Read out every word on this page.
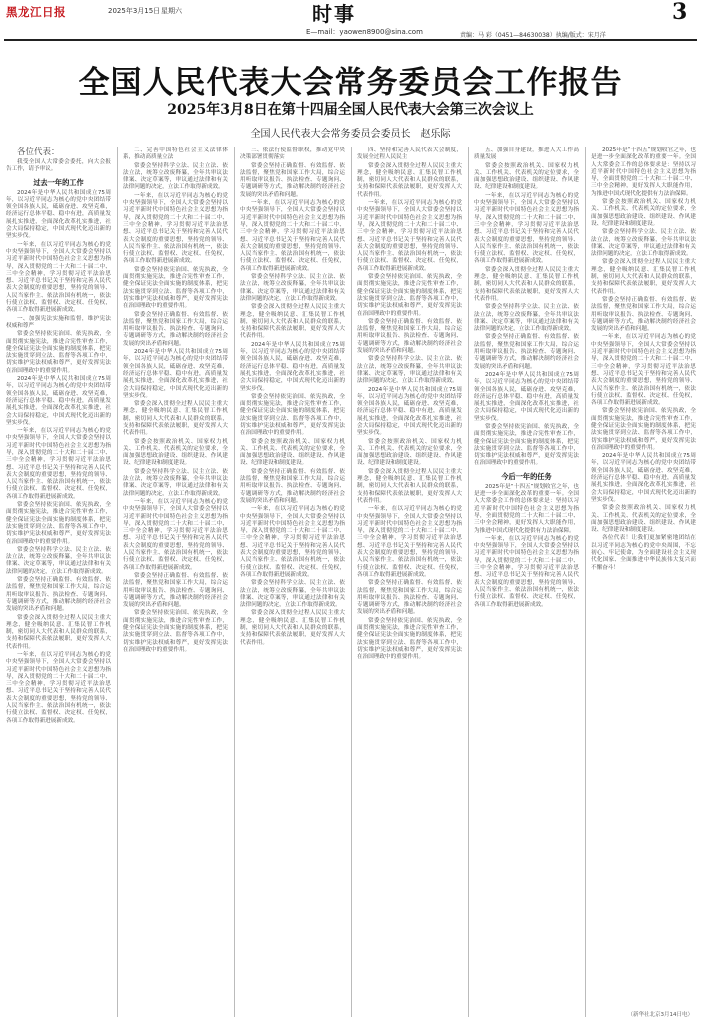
黑龙江日报	2025年3月15日 星期六	时事
E—mail：yaowen8900@sina.com	责编：马 彩（0451—84630038）执编/版式：宋月洋
3
全国人民代表大会常务委员会工作报告
2025年3月8日在第十四届全国人民代表大会第三次会议上
全国人民代表大会常务委员会委员长　赵乐际

各位代表：

我受全国人大常委会委托，向大会报告工作，请予审议。

过去一年的工作

2024年是中华人民共和国成立75周年，以习近平同志为核心的党中央团结带领全国各族人民，砥砺奋进、攻坚克难，经济运行总体平稳、稳中有进，高质量发展扎实推进，全面深化改革扎实推进，社会大局保持稳定，中国式现代化迈出新的坚实步伐。

一年来，在以习近平同志为核心的党中央坚强领导下，全国人大常委会坚持以习近平新时代中国特色社会主义思想为指导，深入贯彻党的二十大和二十届二中、三中全会精神，学习贯彻习近平法治思想、习近平总书记关于坚持和完善人民代表大会制度的重要思想，坚持党的领导、人民当家作主、依法治国有机统一，依法行使立法权、监督权、决定权、任免权，各项工作取得新进展新成效。

一、加强宪法实施和监督，维护宪法权威和尊严

常委会坚持依宪治国、依宪执政，全面贯彻实施宪法，推进合宪性审查工作，健全保证宪法全面实施的制度体系，把宪法实施贯穿到立法、监督等各项工作中，切实维护宪法权威和尊严，更好发挥宪法在治国理政中的重要作用。

2024年是中华人民共和国成立75周年，以习近平同志为核心的党中央团结带领全国各族人民，砥砺奋进、攻坚克难，经济运行总体平稳、稳中有进，高质量发展扎实推进，全面深化改革扎实推进，社会大局保持稳定，中国式现代化迈出新的坚实步伐。

一年来，在以习近平同志为核心的党中央坚强领导下，全国人大常委会坚持以习近平新时代中国特色社会主义思想为指导，深入贯彻党的二十大和二十届二中、三中全会精神，学习贯彻习近平法治思想、习近平总书记关于坚持和完善人民代表大会制度的重要思想，坚持党的领导、人民当家作主、依法治国有机统一，依法行使立法权、监督权、决定权、任免权，各项工作取得新进展新成效。

常委会坚持依宪治国、依宪执政，全面贯彻实施宪法，推进合宪性审查工作，健全保证宪法全面实施的制度体系，把宪法实施贯穿到立法、监督等各项工作中，切实维护宪法权威和尊严，更好发挥宪法在治国理政中的重要作用。

常委会坚持科学立法、民主立法、依法立法，统筹立改废释纂，全年共审议法律案、决定草案等，审议通过法律和有关法律问题的决定，立法工作取得新成效。

常委会坚持正确监督、有效监督、依法监督，聚焦党和国家工作大局，综合运用听取审议报告、执法检查、专题询问、专题调研等方式，推动解决制约经济社会发展的突出矛盾和问题。

常委会深入贯彻全过程人民民主重大理念，健全吸纳民意、汇集民智工作机制，密切同人大代表和人民群众的联系，支持和保障代表依法履职，更好发挥人大代表作用。

一年来，在以习近平同志为核心的党中央坚强领导下，全国人大常委会坚持以习近平新时代中国特色社会主义思想为指导，深入贯彻党的二十大和二十届二中、三中全会精神，学习贯彻习近平法治思想、习近平总书记关于坚持和完善人民代表大会制度的重要思想，坚持党的领导、人民当家作主、依法治国有机统一，依法行使立法权、监督权、决定权、任免权，各项工作取得新进展新成效。

二、完善中国特色社会主义法律体系，推动高质量立法

常委会坚持科学立法、民主立法、依法立法，统筹立改废释纂，全年共审议法律案、决定草案等，审议通过法律和有关法律问题的决定，立法工作取得新成效。

一年来，在以习近平同志为核心的党中央坚强领导下，全国人大常委会坚持以习近平新时代中国特色社会主义思想为指导，深入贯彻党的二十大和二十届二中、三中全会精神，学习贯彻习近平法治思想、习近平总书记关于坚持和完善人民代表大会制度的重要思想，坚持党的领导、人民当家作主、依法治国有机统一，依法行使立法权、监督权、决定权、任免权，各项工作取得新进展新成效。

常委会坚持依宪治国、依宪执政，全面贯彻实施宪法，推进合宪性审查工作，健全保证宪法全面实施的制度体系，把宪法实施贯穿到立法、监督等各项工作中，切实维护宪法权威和尊严，更好发挥宪法在治国理政中的重要作用。

常委会坚持正确监督、有效监督、依法监督，聚焦党和国家工作大局，综合运用听取审议报告、执法检查、专题询问、专题调研等方式，推动解决制约经济社会发展的突出矛盾和问题。

2024年是中华人民共和国成立75周年，以习近平同志为核心的党中央团结带领全国各族人民，砥砺奋进、攻坚克难，经济运行总体平稳、稳中有进，高质量发展扎实推进，全面深化改革扎实推进，社会大局保持稳定，中国式现代化迈出新的坚实步伐。

常委会深入贯彻全过程人民民主重大理念，健全吸纳民意、汇集民智工作机制，密切同人大代表和人民群众的联系，支持和保障代表依法履职，更好发挥人大代表作用。

常委会按照政治机关、国家权力机关、工作机关、代表机关的定位要求，全面加强思想政治建设、组织建设、作风建设、纪律建设和制度建设。

常委会坚持科学立法、民主立法、依法立法，统筹立改废释纂，全年共审议法律案、决定草案等，审议通过法律和有关法律问题的决定，立法工作取得新成效。

一年来，在以习近平同志为核心的党中央坚强领导下，全国人大常委会坚持以习近平新时代中国特色社会主义思想为指导，深入贯彻党的二十大和二十届二中、三中全会精神，学习贯彻习近平法治思想、习近平总书记关于坚持和完善人民代表大会制度的重要思想，坚持党的领导、人民当家作主、依法治国有机统一，依法行使立法权、监督权、决定权、任免权，各项工作取得新进展新成效。

常委会坚持正确监督、有效监督、依法监督，聚焦党和国家工作大局，综合运用听取审议报告、执法检查、专题询问、专题调研等方式，推动解决制约经济社会发展的突出矛盾和问题。

常委会坚持依宪治国、依宪执政，全面贯彻实施宪法，推进合宪性审查工作，健全保证宪法全面实施的制度体系，把宪法实施贯穿到立法、监督等各项工作中，切实维护宪法权威和尊严，更好发挥宪法在治国理政中的重要作用。

三、依法行使监督职权，推动党中央决策部署贯彻落实

常委会坚持正确监督、有效监督、依法监督，聚焦党和国家工作大局，综合运用听取审议报告、执法检查、专题询问、专题调研等方式，推动解决制约经济社会发展的突出矛盾和问题。

一年来，在以习近平同志为核心的党中央坚强领导下，全国人大常委会坚持以习近平新时代中国特色社会主义思想为指导，深入贯彻党的二十大和二十届二中、三中全会精神，学习贯彻习近平法治思想、习近平总书记关于坚持和完善人民代表大会制度的重要思想，坚持党的领导、人民当家作主、依法治国有机统一，依法行使立法权、监督权、决定权、任免权，各项工作取得新进展新成效。

常委会坚持科学立法、民主立法、依法立法，统筹立改废释纂，全年共审议法律案、决定草案等，审议通过法律和有关法律问题的决定，立法工作取得新成效。

常委会深入贯彻全过程人民民主重大理念，健全吸纳民意、汇集民智工作机制，密切同人大代表和人民群众的联系，支持和保障代表依法履职，更好发挥人大代表作用。

2024年是中华人民共和国成立75周年，以习近平同志为核心的党中央团结带领全国各族人民，砥砺奋进、攻坚克难，经济运行总体平稳、稳中有进，高质量发展扎实推进，全面深化改革扎实推进，社会大局保持稳定，中国式现代化迈出新的坚实步伐。

常委会坚持依宪治国、依宪执政，全面贯彻实施宪法，推进合宪性审查工作，健全保证宪法全面实施的制度体系，把宪法实施贯穿到立法、监督等各项工作中，切实维护宪法权威和尊严，更好发挥宪法在治国理政中的重要作用。

常委会按照政治机关、国家权力机关、工作机关、代表机关的定位要求，全面加强思想政治建设、组织建设、作风建设、纪律建设和制度建设。

常委会坚持正确监督、有效监督、依法监督，聚焦党和国家工作大局，综合运用听取审议报告、执法检查、专题询问、专题调研等方式，推动解决制约经济社会发展的突出矛盾和问题。

一年来，在以习近平同志为核心的党中央坚强领导下，全国人大常委会坚持以习近平新时代中国特色社会主义思想为指导，深入贯彻党的二十大和二十届二中、三中全会精神，学习贯彻习近平法治思想、习近平总书记关于坚持和完善人民代表大会制度的重要思想，坚持党的领导、人民当家作主、依法治国有机统一，依法行使立法权、监督权、决定权、任免权，各项工作取得新进展新成效。

常委会坚持科学立法、民主立法、依法立法，统筹立改废释纂，全年共审议法律案、决定草案等，审议通过法律和有关法律问题的决定，立法工作取得新成效。

常委会深入贯彻全过程人民民主重大理念，健全吸纳民意、汇集民智工作机制，密切同人大代表和人民群众的联系，支持和保障代表依法履职，更好发挥人大代表作用。

四、坚持和完善人民代表大会制度，发展全过程人民民主

常委会深入贯彻全过程人民民主重大理念，健全吸纳民意、汇集民智工作机制，密切同人大代表和人民群众的联系，支持和保障代表依法履职，更好发挥人大代表作用。

一年来，在以习近平同志为核心的党中央坚强领导下，全国人大常委会坚持以习近平新时代中国特色社会主义思想为指导，深入贯彻党的二十大和二十届二中、三中全会精神，学习贯彻习近平法治思想、习近平总书记关于坚持和完善人民代表大会制度的重要思想，坚持党的领导、人民当家作主、依法治国有机统一，依法行使立法权、监督权、决定权、任免权，各项工作取得新进展新成效。

常委会坚持依宪治国、依宪执政，全面贯彻实施宪法，推进合宪性审查工作，健全保证宪法全面实施的制度体系，把宪法实施贯穿到立法、监督等各项工作中，切实维护宪法权威和尊严，更好发挥宪法在治国理政中的重要作用。

常委会坚持正确监督、有效监督、依法监督，聚焦党和国家工作大局，综合运用听取审议报告、执法检查、专题询问、专题调研等方式，推动解决制约经济社会发展的突出矛盾和问题。

常委会坚持科学立法、民主立法、依法立法，统筹立改废释纂，全年共审议法律案、决定草案等，审议通过法律和有关法律问题的决定，立法工作取得新成效。

2024年是中华人民共和国成立75周年，以习近平同志为核心的党中央团结带领全国各族人民，砥砺奋进、攻坚克难，经济运行总体平稳、稳中有进，高质量发展扎实推进，全面深化改革扎实推进，社会大局保持稳定，中国式现代化迈出新的坚实步伐。

常委会按照政治机关、国家权力机关、工作机关、代表机关的定位要求，全面加强思想政治建设、组织建设、作风建设、纪律建设和制度建设。

常委会深入贯彻全过程人民民主重大理念，健全吸纳民意、汇集民智工作机制，密切同人大代表和人民群众的联系，支持和保障代表依法履职，更好发挥人大代表作用。

一年来，在以习近平同志为核心的党中央坚强领导下，全国人大常委会坚持以习近平新时代中国特色社会主义思想为指导，深入贯彻党的二十大和二十届二中、三中全会精神，学习贯彻习近平法治思想、习近平总书记关于坚持和完善人民代表大会制度的重要思想，坚持党的领导、人民当家作主、依法治国有机统一，依法行使立法权、监督权、决定权、任免权，各项工作取得新进展新成效。

常委会坚持正确监督、有效监督、依法监督，聚焦党和国家工作大局，综合运用听取审议报告、执法检查、专题询问、专题调研等方式，推动解决制约经济社会发展的突出矛盾和问题。

常委会坚持依宪治国、依宪执政，全面贯彻实施宪法，推进合宪性审查工作，健全保证宪法全面实施的制度体系，把宪法实施贯穿到立法、监督等各项工作中，切实维护宪法权威和尊严，更好发挥宪法在治国理政中的重要作用。

五、加强自身建设，推进人大工作高质量发展

常委会按照政治机关、国家权力机关、工作机关、代表机关的定位要求，全面加强思想政治建设、组织建设、作风建设、纪律建设和制度建设。

一年来，在以习近平同志为核心的党中央坚强领导下，全国人大常委会坚持以习近平新时代中国特色社会主义思想为指导，深入贯彻党的二十大和二十届二中、三中全会精神，学习贯彻习近平法治思想、习近平总书记关于坚持和完善人民代表大会制度的重要思想，坚持党的领导、人民当家作主、依法治国有机统一，依法行使立法权、监督权、决定权、任免权，各项工作取得新进展新成效。

常委会深入贯彻全过程人民民主重大理念，健全吸纳民意、汇集民智工作机制，密切同人大代表和人民群众的联系，支持和保障代表依法履职，更好发挥人大代表作用。

常委会坚持科学立法、民主立法、依法立法，统筹立改废释纂，全年共审议法律案、决定草案等，审议通过法律和有关法律问题的决定，立法工作取得新成效。

常委会坚持正确监督、有效监督、依法监督，聚焦党和国家工作大局，综合运用听取审议报告、执法检查、专题询问、专题调研等方式，推动解决制约经济社会发展的突出矛盾和问题。

2024年是中华人民共和国成立75周年，以习近平同志为核心的党中央团结带领全国各族人民，砥砺奋进、攻坚克难，经济运行总体平稳、稳中有进，高质量发展扎实推进，全面深化改革扎实推进，社会大局保持稳定，中国式现代化迈出新的坚实步伐。

常委会坚持依宪治国、依宪执政，全面贯彻实施宪法，推进合宪性审查工作，健全保证宪法全面实施的制度体系，把宪法实施贯穿到立法、监督等各项工作中，切实维护宪法权威和尊严，更好发挥宪法在治国理政中的重要作用。

今后一年的任务

2025年是“十四五”规划收官之年，也是进一步全面深化改革的重要一年。全国人大常委会工作的总体要求是：坚持以习近平新时代中国特色社会主义思想为指导，全面贯彻党的二十大和二十届二中、三中全会精神，更好发挥人大职能作用，为推进中国式现代化提供有力法治保障。

一年来，在以习近平同志为核心的党中央坚强领导下，全国人大常委会坚持以习近平新时代中国特色社会主义思想为指导，深入贯彻党的二十大和二十届二中、三中全会精神，学习贯彻习近平法治思想、习近平总书记关于坚持和完善人民代表大会制度的重要思想，坚持党的领导、人民当家作主、依法治国有机统一，依法行使立法权、监督权、决定权、任免权，各项工作取得新进展新成效。

2025年是“十四五”规划收官之年，也是进一步全面深化改革的重要一年。全国人大常委会工作的总体要求是：坚持以习近平新时代中国特色社会主义思想为指导，全面贯彻党的二十大和二十届二中、三中全会精神，更好发挥人大职能作用，为推进中国式现代化提供有力法治保障。

常委会按照政治机关、国家权力机关、工作机关、代表机关的定位要求，全面加强思想政治建设、组织建设、作风建设、纪律建设和制度建设。

常委会坚持科学立法、民主立法、依法立法，统筹立改废释纂，全年共审议法律案、决定草案等，审议通过法律和有关法律问题的决定，立法工作取得新成效。

常委会深入贯彻全过程人民民主重大理念，健全吸纳民意、汇集民智工作机制，密切同人大代表和人民群众的联系，支持和保障代表依法履职，更好发挥人大代表作用。

常委会坚持正确监督、有效监督、依法监督，聚焦党和国家工作大局，综合运用听取审议报告、执法检查、专题询问、专题调研等方式，推动解决制约经济社会发展的突出矛盾和问题。

一年来，在以习近平同志为核心的党中央坚强领导下，全国人大常委会坚持以习近平新时代中国特色社会主义思想为指导，深入贯彻党的二十大和二十届二中、三中全会精神，学习贯彻习近平法治思想、习近平总书记关于坚持和完善人民代表大会制度的重要思想，坚持党的领导、人民当家作主、依法治国有机统一，依法行使立法权、监督权、决定权、任免权，各项工作取得新进展新成效。

常委会坚持依宪治国、依宪执政，全面贯彻实施宪法，推进合宪性审查工作，健全保证宪法全面实施的制度体系，把宪法实施贯穿到立法、监督等各项工作中，切实维护宪法权威和尊严，更好发挥宪法在治国理政中的重要作用。

2024年是中华人民共和国成立75周年，以习近平同志为核心的党中央团结带领全国各族人民，砥砺奋进、攻坚克难，经济运行总体平稳、稳中有进，高质量发展扎实推进，全面深化改革扎实推进，社会大局保持稳定，中国式现代化迈出新的坚实步伐。

常委会按照政治机关、国家权力机关、工作机关、代表机关的定位要求，全面加强思想政治建设、组织建设、作风建设、纪律建设和制度建设。

各位代表！让我们更加紧密地团结在以习近平同志为核心的党中央周围，不忘初心、牢记使命，为全面建设社会主义现代化国家、全面推进中华民族伟大复兴而不懈奋斗！

（新华社北京3月14日电）
